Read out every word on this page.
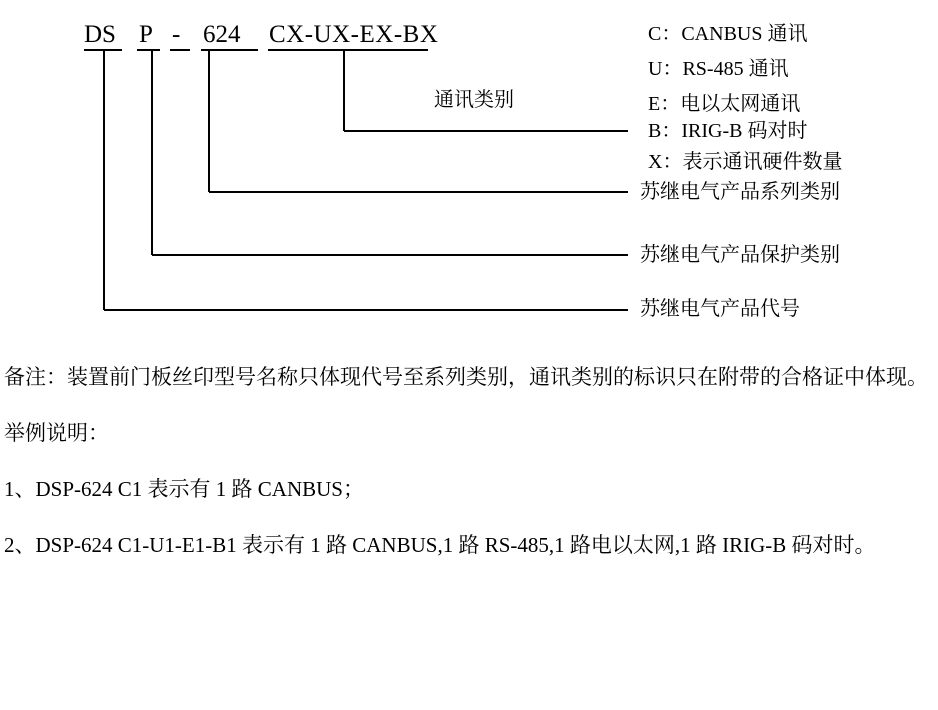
DS P - 624 CX-UX-EX-BX
通讯类别
C：CANBUS 通讯
U：RS-485 通讯
E：电以太网通讯
B：IRIG-B 码对时
X：表示通讯硬件数量
苏继电气产品系列类别
苏继电气产品保护类别
苏继电气产品代号

备注：装置前门板丝印型号名称只体现代号至系列类别，通讯类别的标识只在附带的合格证中体现。

举例说明：

1、DSP-624 C1 表示有 1 路 CANBUS；

2、DSP-624 C1-U1-E1-B1 表示有 1 路 CANBUS,1 路 RS-485,1 路电以太网,1 路 IRIG-B 码对时。
